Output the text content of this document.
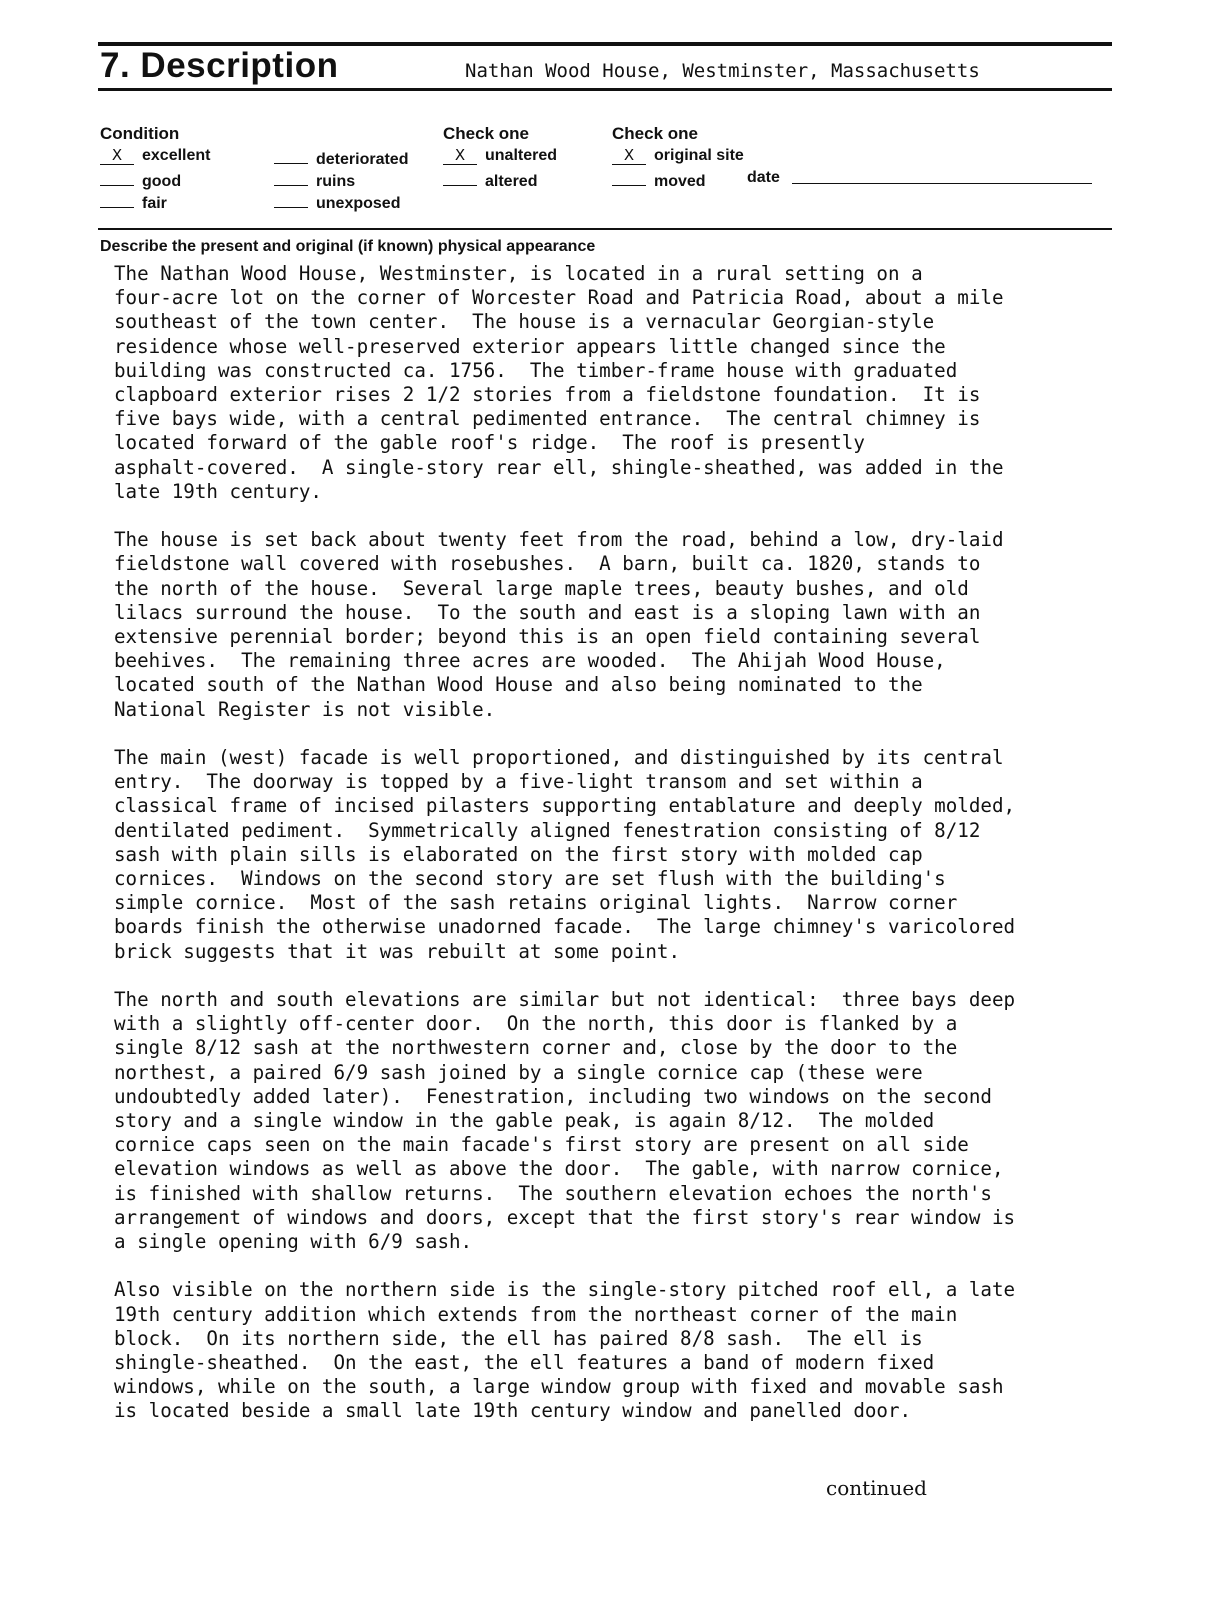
7. Description	Nathan Wood House, Westminster, Massachusetts
Condition	Check one	Check one
X excellent
good
fair
deteriorated
ruins
unexposed
X unaltered
altered
X original site
moved	date
Describe the present and original (if known) physical appearance

The Nathan Wood House, Westminster, is located in a rural setting on a
four-acre lot on the corner of Worcester Road and Patricia Road, about a mile
southeast of the town center.  The house is a vernacular Georgian-style
residence whose well-preserved exterior appears little changed since the
building was constructed ca. 1756.  The timber-frame house with graduated
clapboard exterior rises 2 1/2 stories from a fieldstone foundation.  It is
five bays wide, with a central pedimented entrance.  The central chimney is
located forward of the gable roof's ridge.  The roof is presently
asphalt-covered.  A single-story rear ell, shingle-sheathed, was added in the
late 19th century.

The house is set back about twenty feet from the road, behind a low, dry-laid
fieldstone wall covered with rosebushes.  A barn, built ca. 1820, stands to
the north of the house.  Several large maple trees, beauty bushes, and old
lilacs surround the house.  To the south and east is a sloping lawn with an
extensive perennial border; beyond this is an open field containing several
beehives.  The remaining three acres are wooded.  The Ahijah Wood House,
located south of the Nathan Wood House and also being nominated to the
National Register is not visible.

The main (west) facade is well proportioned, and distinguished by its central
entry.  The doorway is topped by a five-light transom and set within a
classical frame of incised pilasters supporting entablature and deeply molded,
dentilated pediment.  Symmetrically aligned fenestration consisting of 8/12
sash with plain sills is elaborated on the first story with molded cap
cornices.  Windows on the second story are set flush with the building's
simple cornice.  Most of the sash retains original lights.  Narrow corner
boards finish the otherwise unadorned facade.  The large chimney's varicolored
brick suggests that it was rebuilt at some point.

The north and south elevations are similar but not identical:  three bays deep
with a slightly off-center door.  On the north, this door is flanked by a
single 8/12 sash at the northwestern corner and, close by the door to the
northest, a paired 6/9 sash joined by a single cornice cap (these were
undoubtedly added later).  Fenestration, including two windows on the second
story and a single window in the gable peak, is again 8/12.  The molded
cornice caps seen on the main facade's first story are present on all side
elevation windows as well as above the door.  The gable, with narrow cornice,
is finished with shallow returns.  The southern elevation echoes the north's
arrangement of windows and doors, except that the first story's rear window is
a single opening with 6/9 sash.

Also visible on the northern side is the single-story pitched roof ell, a late
19th century addition which extends from the northeast corner of the main
block.  On its northern side, the ell has paired 8/8 sash.  The ell is
shingle-sheathed.  On the east, the ell features a band of modern fixed
windows, while on the south, a large window group with fixed and movable sash
is located beside a small late 19th century window and panelled door.

continued
